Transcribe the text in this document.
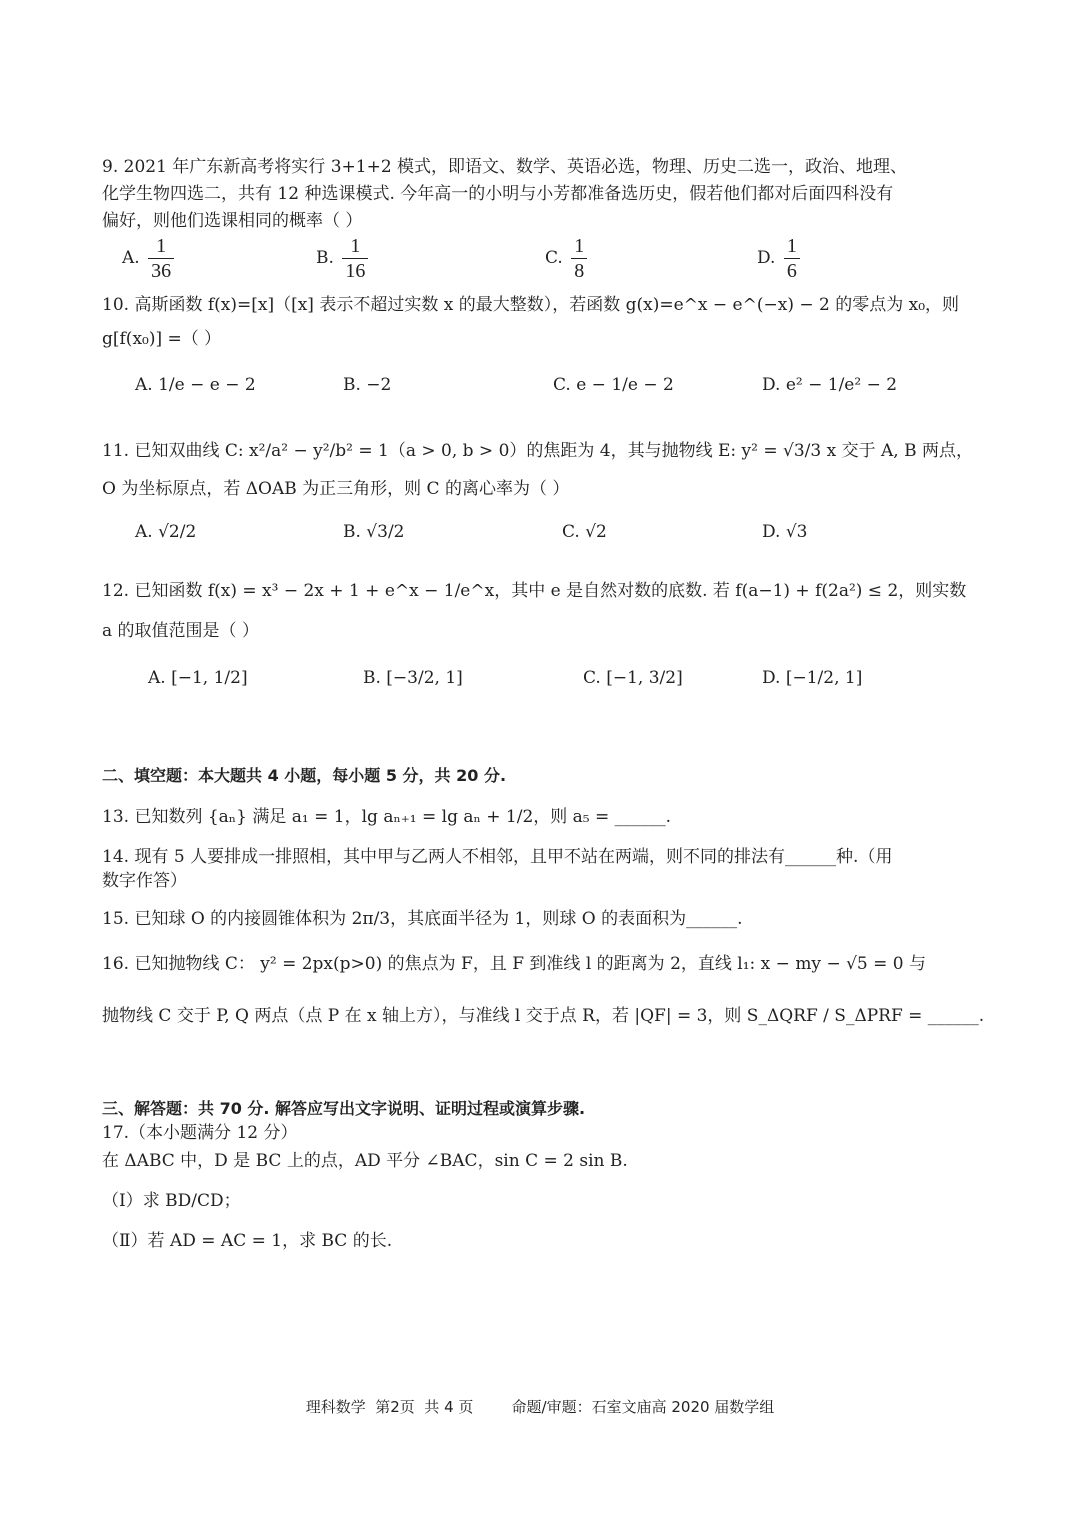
9. 2021 年广东新高考将实行 3+1+2 模式，即语文、数学、英语必选，物理、历史二选一，政治、地理、
化学生物四选二，共有 12 种选课模式. 今年高一的小明与小芳都准备选历史，假若他们都对后面四科没有
偏好，则他们选课相同的概率（ ）
A. $\frac{1}{36}$	B. $\frac{1}{16}$	C. $\frac{1}{8}$	D. $\frac{1}{6}$
10. 高斯函数 f(x)=[x]（[x] 表示不超过实数 x 的最大整数），若函数 g(x)=e^x − e^(−x) − 2 的零点为 x₀，则
g[f(x₀)] =（ ）
A. 1/e − e − 2	B. −2	C. e − 1/e − 2	D. e² − 1/e² − 2
11. 已知双曲线 C: x²/a² − y²/b² = 1（a > 0, b > 0）的焦距为 4，其与抛物线 E: y² = √3/3 x 交于 A, B 两点，
O 为坐标原点，若 ΔOAB 为正三角形，则 C 的离心率为（ ）
A. √2/2	B. √3/2	C. √2	D. √3
12. 已知函数 f(x) = x³ − 2x + 1 + e^x − 1/e^x，其中 e 是自然对数的底数. 若 f(a−1) + f(2a²) ≤ 2，则实数
a 的取值范围是（ ）
A. [−1, 1/2]	B. [−3/2, 1]	C. [−1, 3/2]	D. [−1/2, 1]
二、填空题：本大题共 4 小题，每小题 5 分，共 20 分.
13. 已知数列 {aₙ} 满足 a₁ = 1，lg aₙ₊₁ = lg aₙ + 1/2，则 a₅ = ______.
14. 现有 5 人要排成一排照相，其中甲与乙两人不相邻，且甲不站在两端，则不同的排法有______种.（用
数字作答）
15. 已知球 O 的内接圆锥体积为 2π/3，其底面半径为 1，则球 O 的表面积为______.
16. 已知抛物线 C： y² = 2px(p>0) 的焦点为 F，且 F 到准线 l 的距离为 2，直线 l₁: x − my − √5 = 0 与
抛物线 C 交于 P, Q 两点（点 P 在 x 轴上方），与准线 l 交于点 R，若 |QF| = 3，则 S_ΔQRF / S_ΔPRF = ______.
三、解答题：共 70 分. 解答应写出文字说明、证明过程或演算步骤.
17.（本小题满分 12 分）
在 ΔABC 中，D 是 BC 上的点，AD 平分 ∠BAC，sin C = 2 sin B.
（Ⅰ）求 BD/CD；
（Ⅱ）若 AD = AC = 1，求 BC 的长.
理科数学  第2页  共 4 页        命题/审题：石室文庙高 2020 届数学组
